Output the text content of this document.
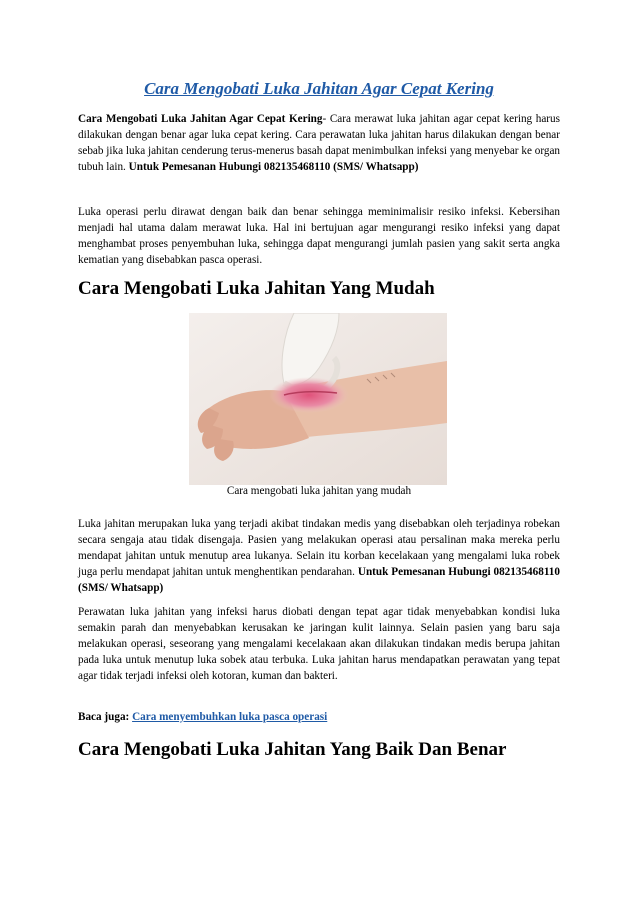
Cara Mengobati Luka Jahitan Agar Cepat Kering

Cara Mengobati Luka Jahitan Agar Cepat Kering- Cara merawat luka jahitan agar cepat kering harus dilakukan dengan benar agar luka cepat kering. Cara perawatan luka jahitan harus dilakukan dengan benar sebab jika luka jahitan cenderung terus-menerus basah dapat menimbulkan infeksi yang menyebar ke organ tubuh lain. Untuk Pemesanan Hubungi 082135468110 (SMS/ Whatsapp)

Luka operasi perlu dirawat dengan baik dan benar sehingga meminimalisir resiko infeksi. Kebersihan menjadi hal utama dalam merawat luka. Hal ini bertujuan agar mengurangi resiko infeksi yang dapat menghambat proses penyembuhan luka, sehingga dapat mengurangi jumlah pasien yang sakit serta angka kematian yang disebabkan pasca operasi.

Cara Mengobati Luka Jahitan Yang Mudah

Cara mengobati luka jahitan yang mudah

Luka jahitan merupakan luka yang terjadi akibat tindakan medis yang disebabkan oleh terjadinya robekan secara sengaja atau tidak disengaja. Pasien yang melakukan operasi atau persalinan maka mereka perlu mendapat jahitan untuk menutup area lukanya. Selain itu korban kecelakaan yang mengalami luka robek juga perlu mendapat jahitan untuk menghentikan pendarahan. Untuk Pemesanan Hubungi 082135468110 (SMS/ Whatsapp)

Perawatan luka jahitan yang infeksi harus diobati dengan tepat agar tidak menyebabkan kondisi luka semakin parah dan menyebabkan kerusakan ke jaringan kulit lainnya. Selain pasien yang baru saja melakukan operasi, seseorang yang mengalami kecelakaan akan dilakukan tindakan medis berupa jahitan pada luka untuk menutup luka sobek atau terbuka. Luka jahitan harus mendapatkan perawatan yang tepat agar tidak terjadi infeksi oleh kotoran, kuman dan bakteri.

Baca juga: Cara menyembuhkan luka pasca operasi

Cara Mengobati Luka Jahitan Yang Baik Dan Benar
